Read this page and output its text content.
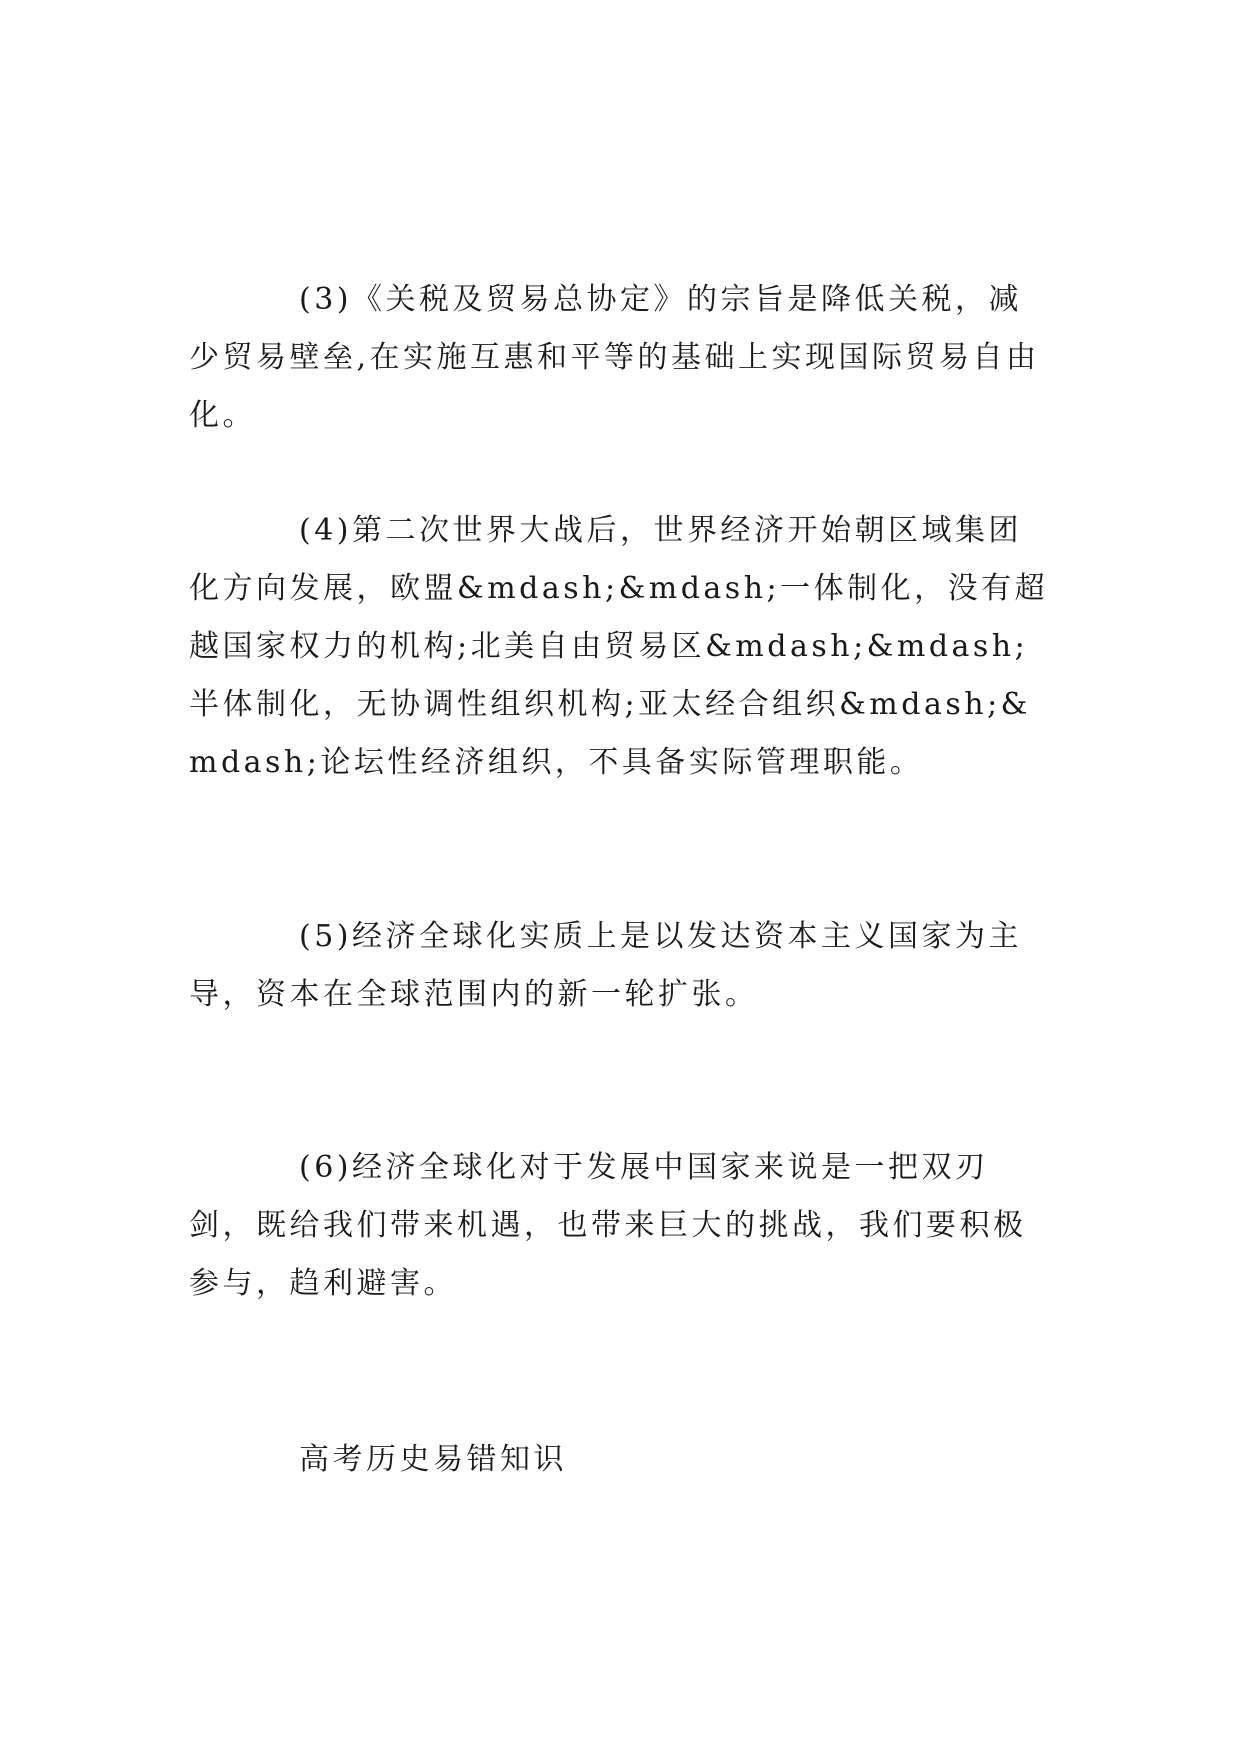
(3)《关税及贸易总协定》的宗旨是降低关税，减少贸易壁垒,在实施互惠和平等的基础上实现国际贸易自由化。

(4)第二次世界大战后，世界经济开始朝区域集团化方向发展，欧盟&mdash;&mdash;一体制化，没有超越国家权力的机构;北美自由贸易区&mdash;&mdash;半体制化，无协调性组织机构;亚太经合组织&mdash;&mdash;论坛性经济组织，不具备实际管理职能。

(5)经济全球化实质上是以发达资本主义国家为主导，资本在全球范围内的新一轮扩张。

(6)经济全球化对于发展中国家来说是一把双刃剑，既给我们带来机遇，也带来巨大的挑战，我们要积极参与，趋利避害。

高考历史易错知识
